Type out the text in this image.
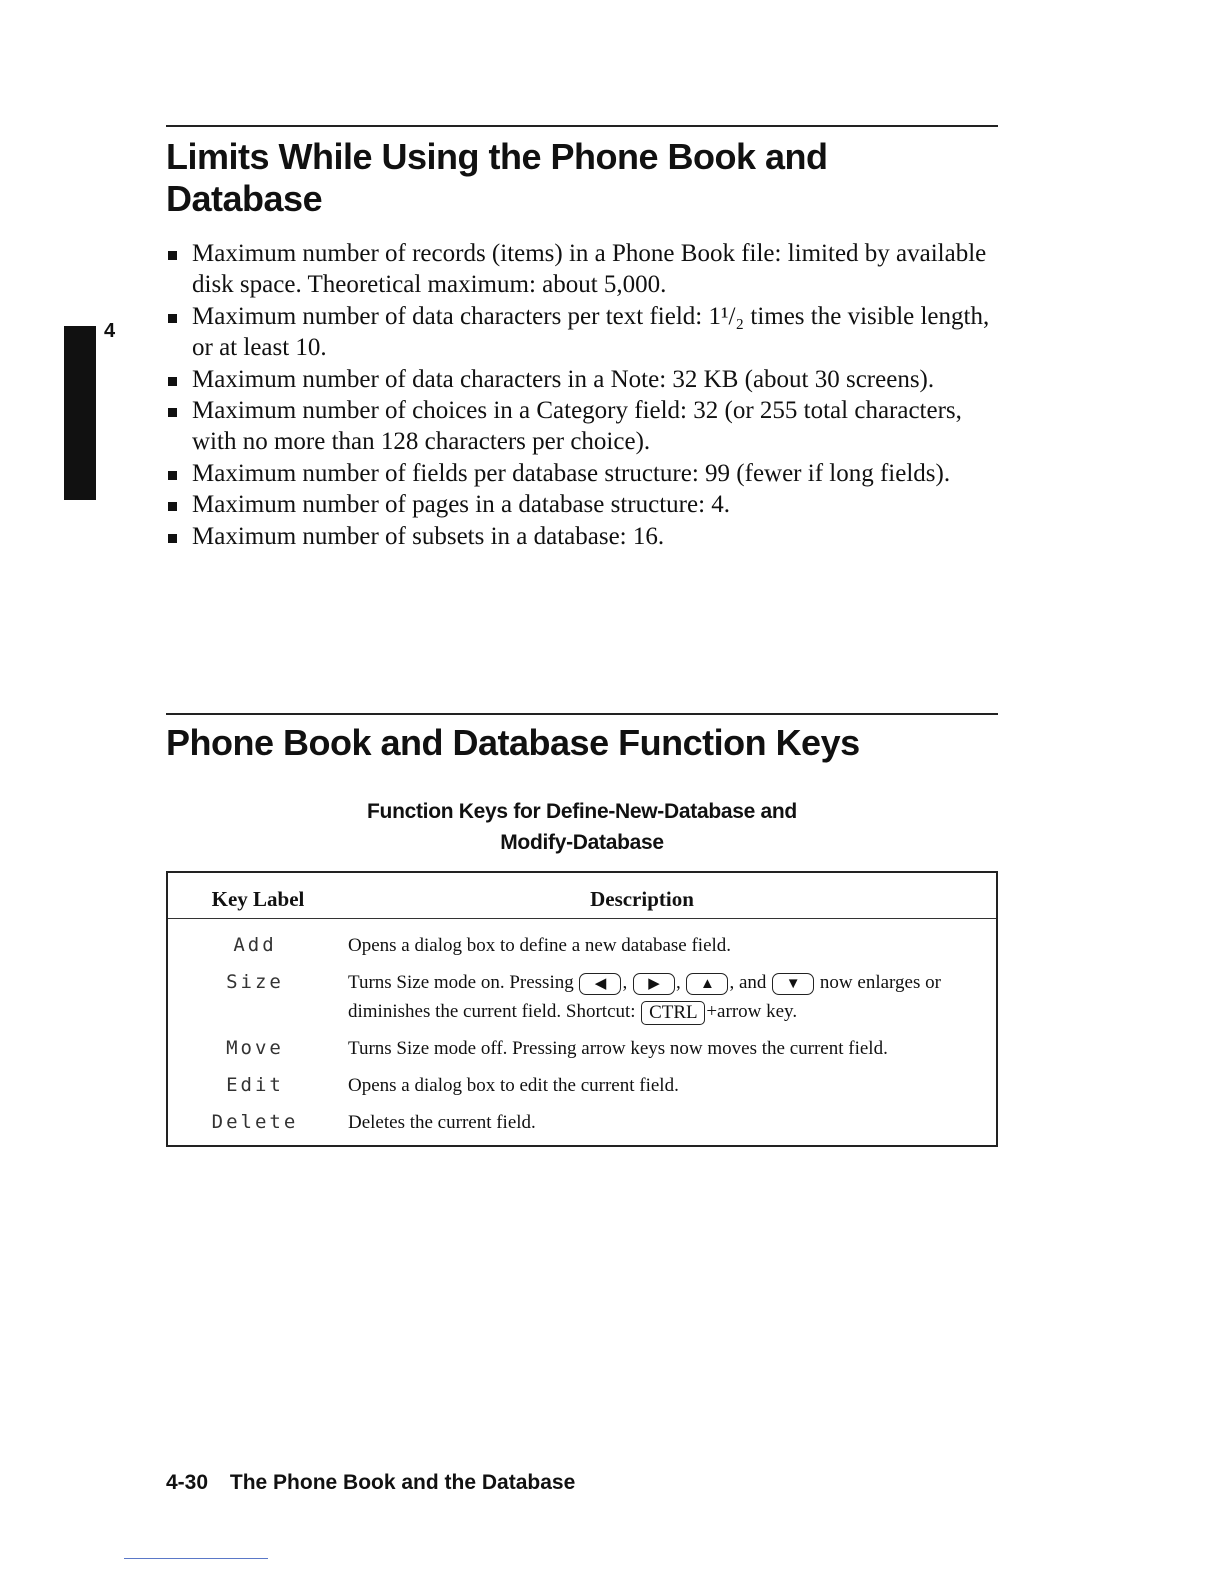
Limits While Using the Phone Book and
Database
4
Maximum number of records (items) in a Phone Book file: limited by available disk space. Theoretical maximum: about 5,000.
Maximum number of data characters per text field: 1¹/₂ times the visible length, or at least 10.
Maximum number of data characters in a Note: 32 KB (about 30 screens).
Maximum number of choices in a Category field: 32 (or 255 total characters, with no more than 128 characters per choice).
Maximum number of fields per database structure: 99 (fewer if long fields).
Maximum number of pages in a database structure: 4.
Maximum number of subsets in a database: 16.
Phone Book and Database Function Keys
Function Keys for Define-New-Database and
Modify-Database
Key Label	Description
Add	Opens a dialog box to define a new database field.
Size	Turns Size mode on. Pressing ◀ , ▶ , ▲ , and ▼ now enlarges or diminishes the current field. Shortcut: CTRL +arrow key.
Move	Turns Size mode off. Pressing arrow keys now moves the current field.
Edit	Opens a dialog box to edit the current field.
Delete	Deletes the current field.
4-30 The Phone Book and the Database
